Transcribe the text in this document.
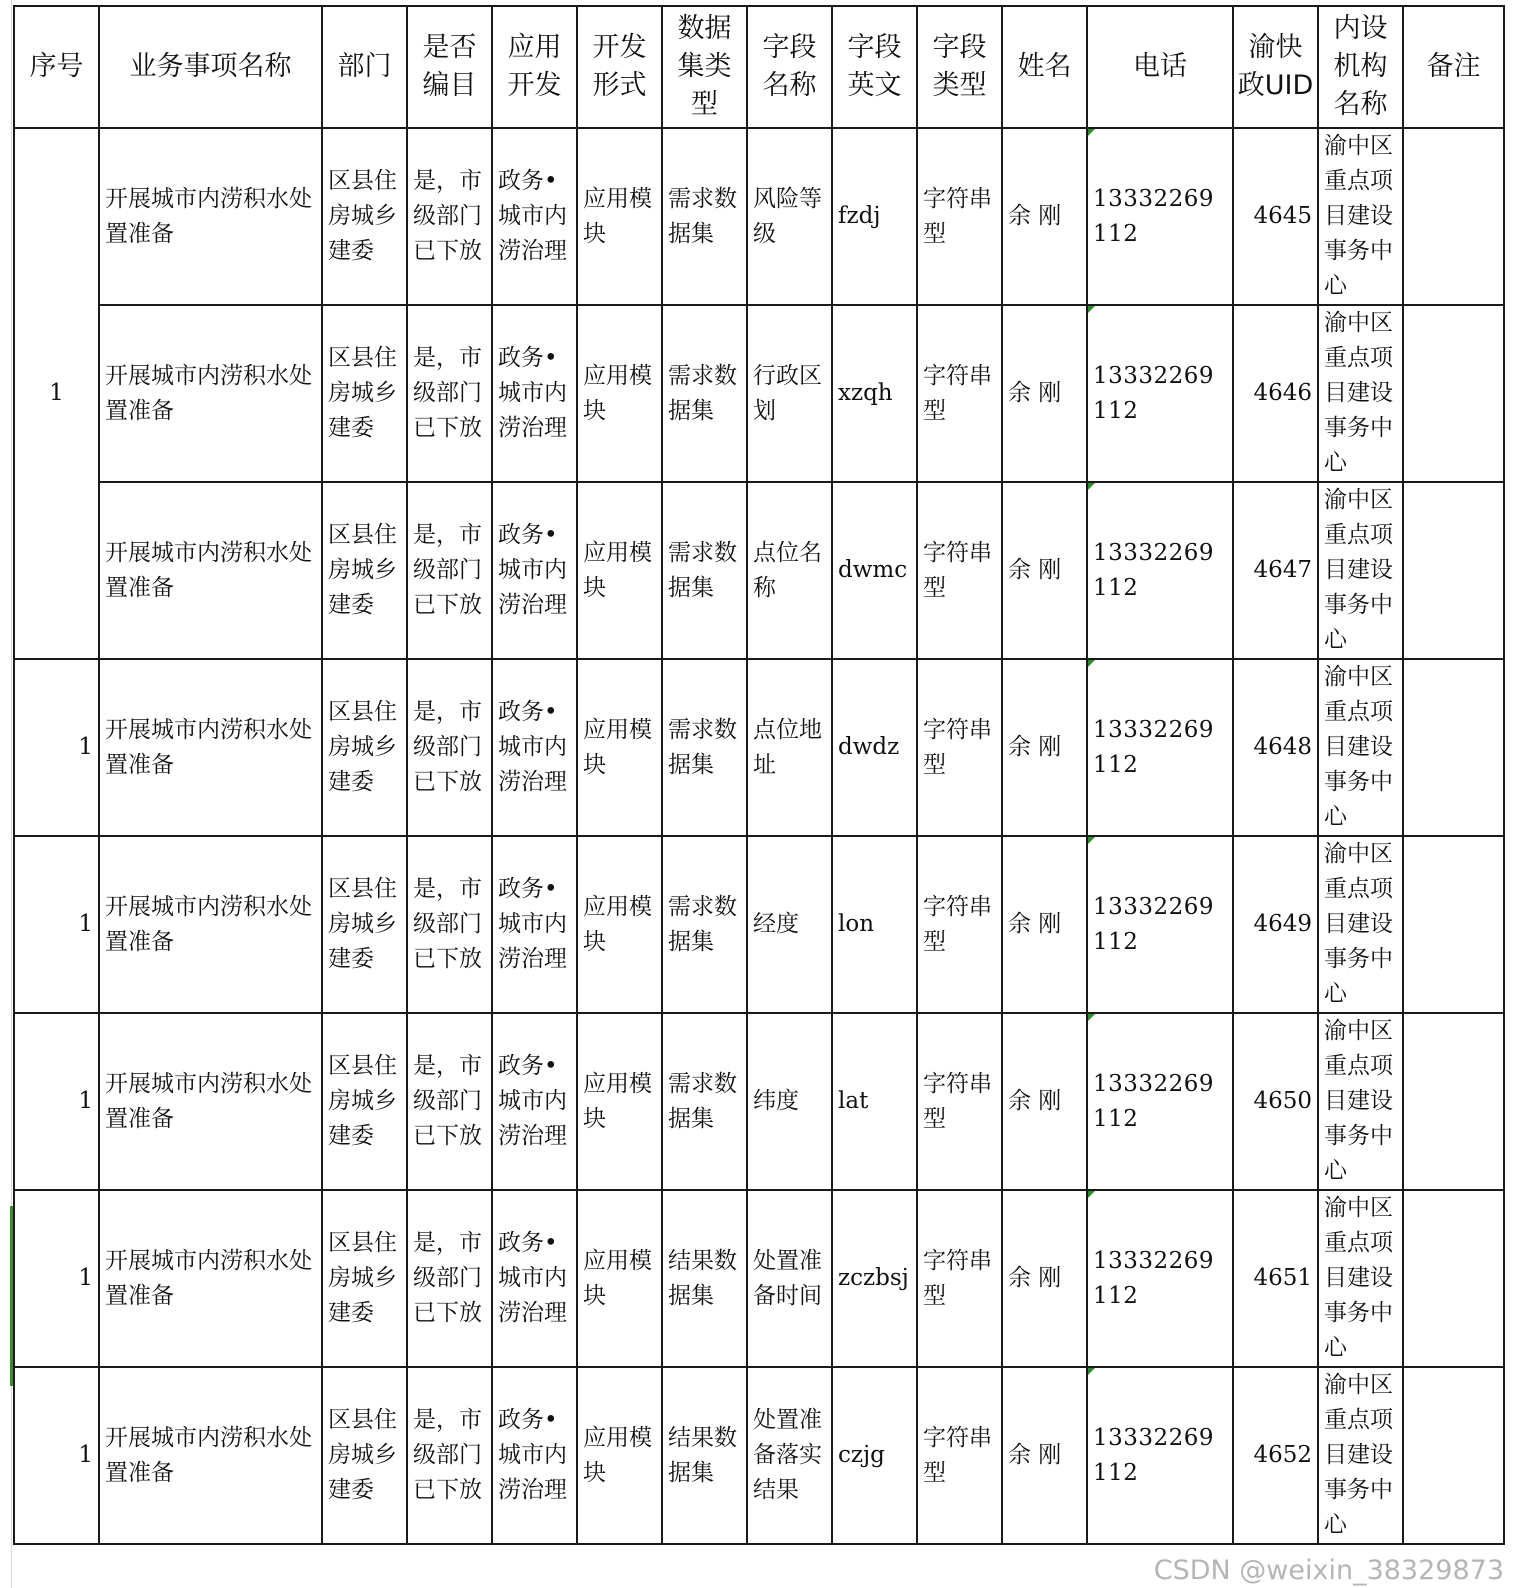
序号	业务事项名称	部门	是否编目	应用开发	开发形式	数据集类型	字段名称	字段英文	字段类型	姓名	电话	渝快政UID	内设机构名称	备注
1	开展城市内涝积水处置准备	区县住房城乡建委	是，市级部门已下放	政务•城市内涝治理	应用模块	需求数据集	风险等级	fzdj	字符串型	余 刚	13332269112	4645	渝中区重点项目建设事务中心	
	开展城市内涝积水处置准备	区县住房城乡建委	是，市级部门已下放	政务•城市内涝治理	应用模块	需求数据集	行政区划	xzqh	字符串型	余 刚	13332269112	4646	渝中区重点项目建设事务中心	
	开展城市内涝积水处置准备	区县住房城乡建委	是，市级部门已下放	政务•城市内涝治理	应用模块	需求数据集	点位名称	dwmc	字符串型	余 刚	13332269112	4647	渝中区重点项目建设事务中心	
1	开展城市内涝积水处置准备	区县住房城乡建委	是，市级部门已下放	政务•城市内涝治理	应用模块	需求数据集	点位地址	dwdz	字符串型	余 刚	13332269112	4648	渝中区重点项目建设事务中心	
1	开展城市内涝积水处置准备	区县住房城乡建委	是，市级部门已下放	政务•城市内涝治理	应用模块	需求数据集	经度	lon	字符串型	余 刚	13332269112	4649	渝中区重点项目建设事务中心	
1	开展城市内涝积水处置准备	区县住房城乡建委	是，市级部门已下放	政务•城市内涝治理	应用模块	需求数据集	纬度	lat	字符串型	余 刚	13332269112	4650	渝中区重点项目建设事务中心	
1	开展城市内涝积水处置准备	区县住房城乡建委	是，市级部门已下放	政务•城市内涝治理	应用模块	结果数据集	处置准备时间	zczbsj	字符串型	余 刚	13332269112	4651	渝中区重点项目建设事务中心	
1	开展城市内涝积水处置准备	区县住房城乡建委	是，市级部门已下放	政务•城市内涝治理	应用模块	结果数据集	处置准备落实结果	czjg	字符串型	余 刚	13332269112	4652	渝中区重点项目建设事务中心	
CSDN @weixin_38329873
